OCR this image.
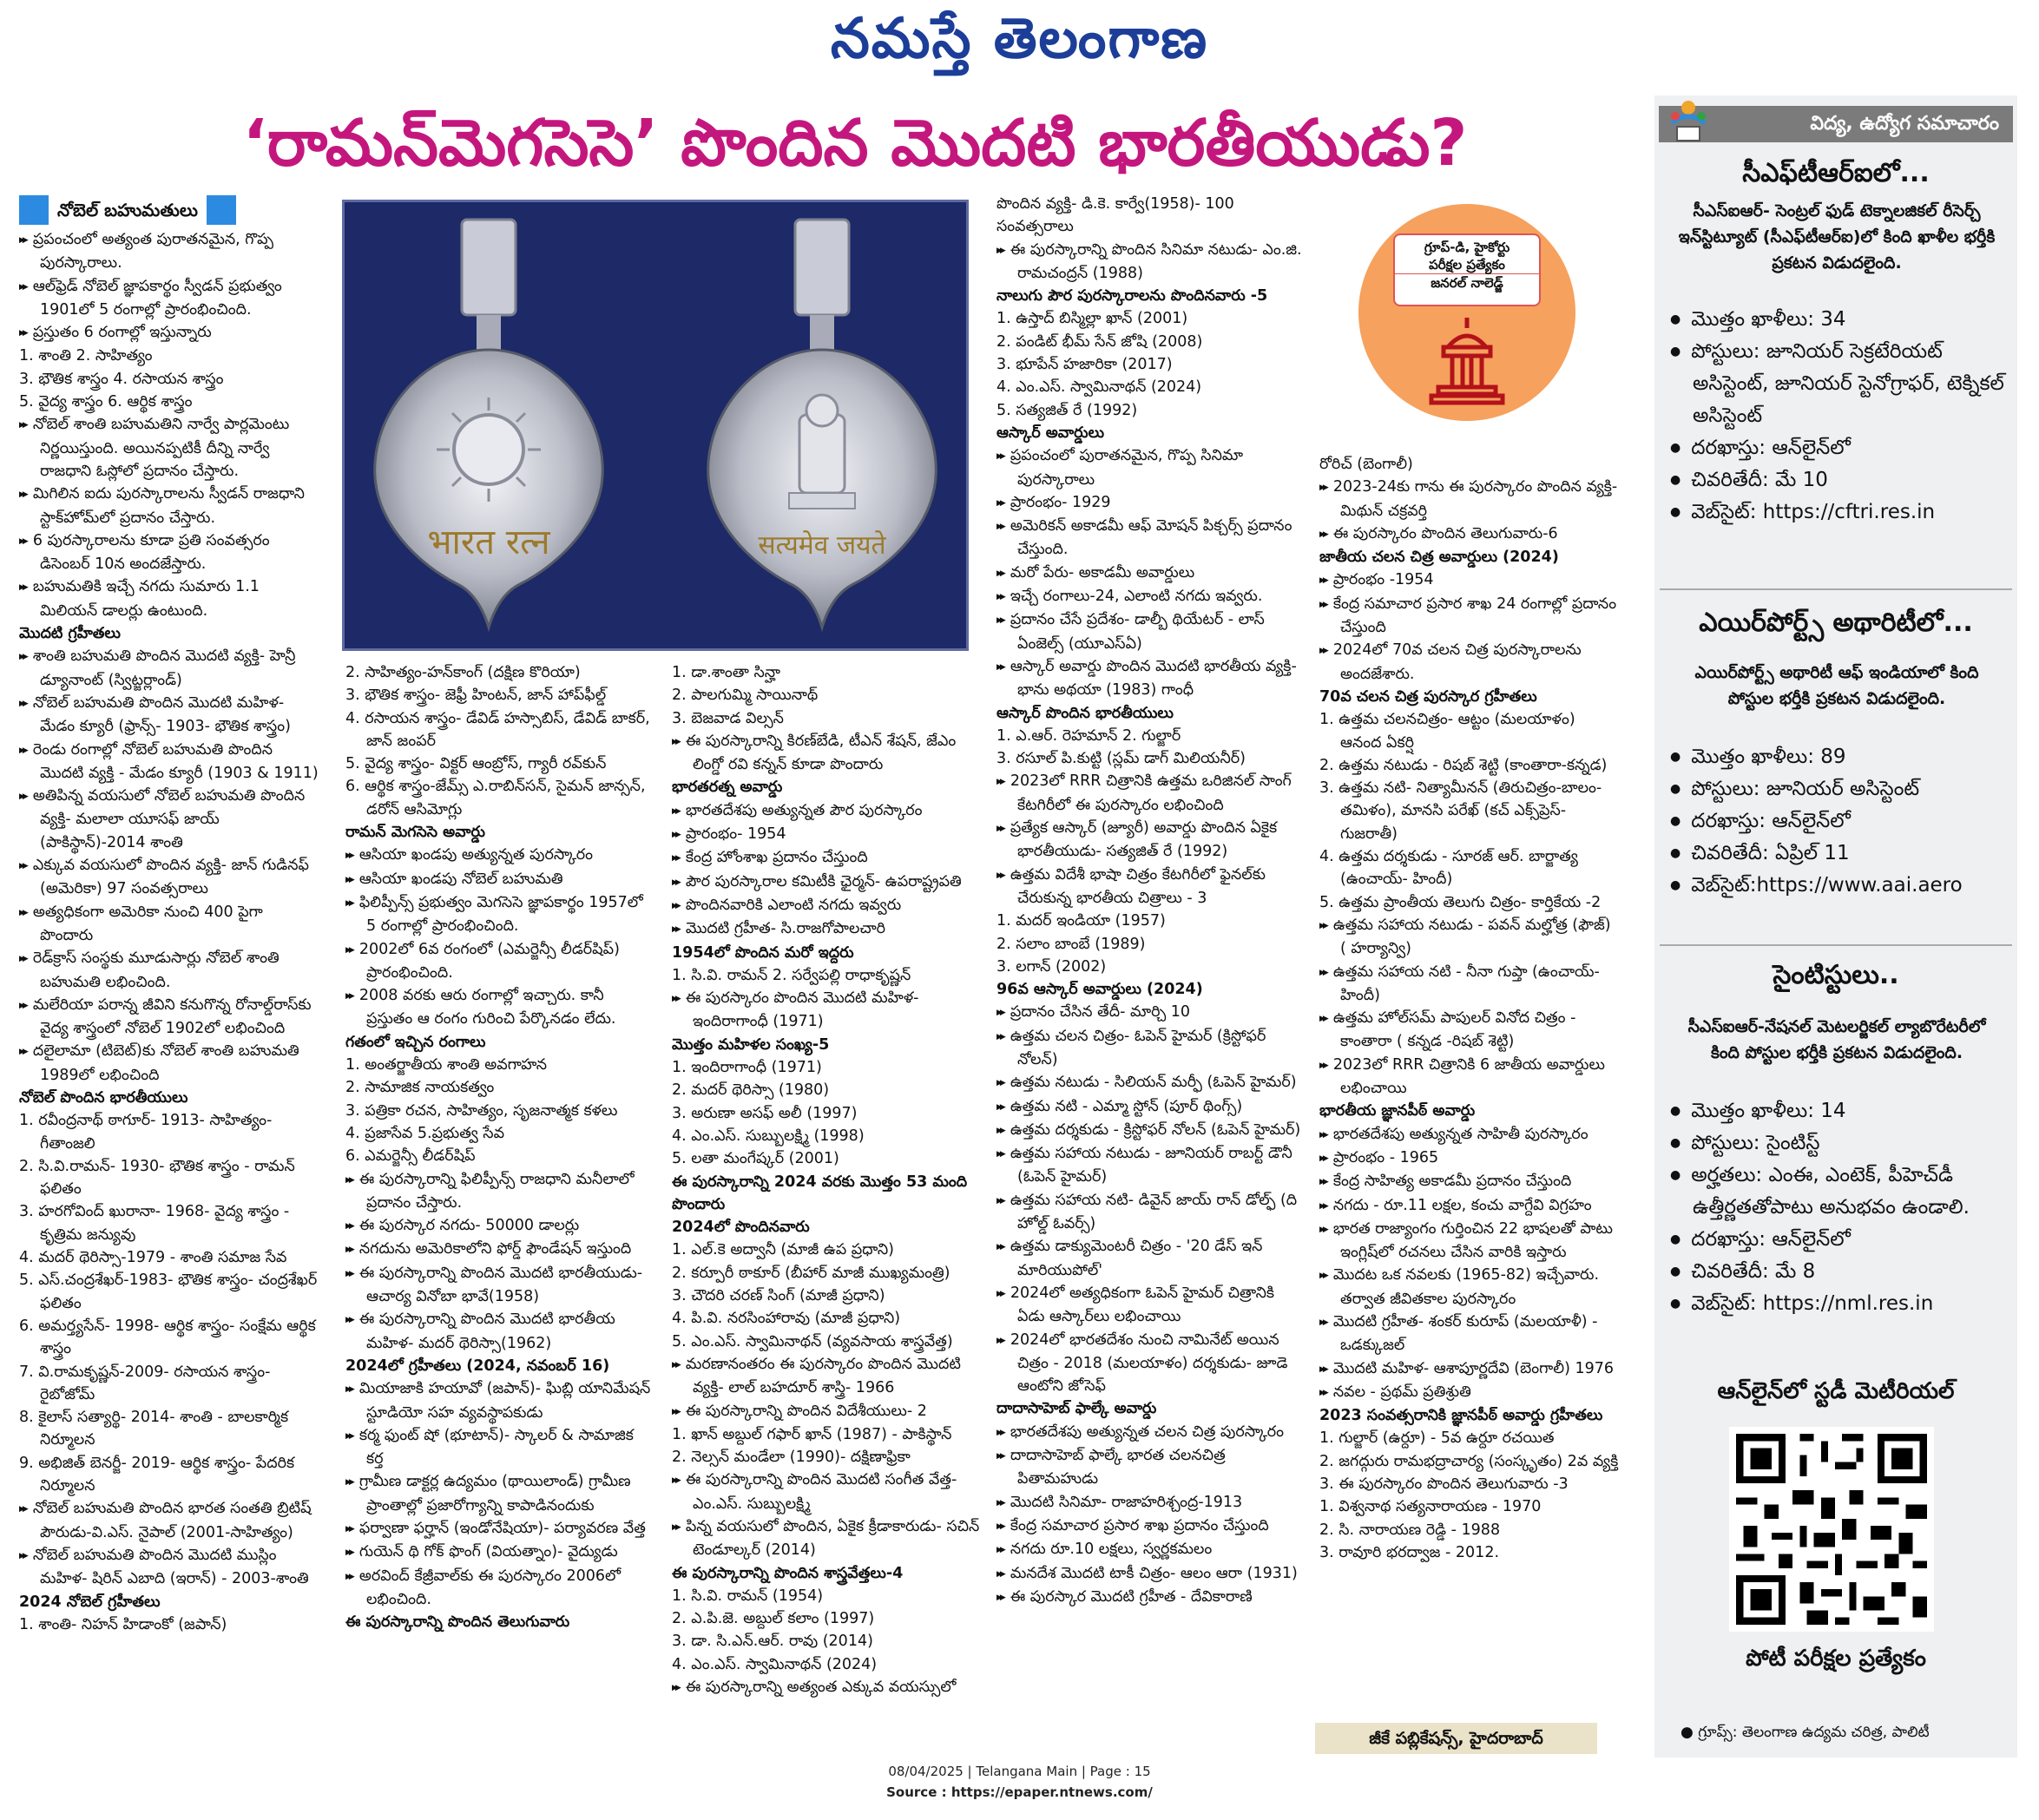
నమస్తే తెలంగాణ
‘రామన్‌మెగసెసె’ పొందిన మొదటి భారతీయుడు?
నోబెల్ బహుమతులు

▶▶ ప్రపంచంలో అత్యంత పురాతనమైన, గొప్ప పురస్కారాలు.

▶▶ ఆల్‌ఫ్రెడ్ నోబెల్ జ్ఞాపకార్థం స్వీడన్ ప్రభుత్వం 1901లో 5 రంగాల్లో ప్రారంభించింది.

▶▶ ప్రస్తుతం 6 రంగాల్లో ఇస్తున్నారు

1. శాంతి 2. సాహిత్యం

3. భౌతిక శాస్త్రం 4. రసాయన శాస్త్రం

5. వైద్య శాస్త్రం 6. ఆర్థిక శాస్త్రం

▶▶ నోబెల్ శాంతి బహుమతిని నార్వే పార్లమెంటు నిర్ణయిస్తుంది. అయినప్పటికీ దీన్ని నార్వే రాజధాని ఓస్లోలో ప్రదానం చేస్తారు.

▶▶ మిగిలిన ఐదు పురస్కారాలను స్వీడన్ రాజధాని స్టాక్‌హోమ్‌లో ప్రదానం చేస్తారు.

▶▶ 6 పురస్కారాలను కూడా ప్రతి సంవత్సరం డిసెంబర్ 10న అందజేస్తారు.

▶▶ బహుమతికి ఇచ్చే నగదు సుమారు 1.1 మిలియన్ డాలర్లు ఉంటుంది.

మొదటి గ్రహీతలు

▶▶ శాంతి బహుమతి పొందిన మొదటి వ్యక్తి- హెన్రీ డ్యూనాంట్ (స్విట్జర్లాండ్)

▶▶ నోబెల్ బహుమతి పొందిన మొదటి మహిళ- మేడం క్యూరీ (ఫ్రాన్స్- 1903- భౌతిక శాస్త్రం)

▶▶ రెండు రంగాల్లో నోబెల్ బహుమతి పొందిన మొదటి వ్యక్తి - మేడం క్యూరీ (1903 & 1911)

▶▶ అతిపిన్న వయసులో నోబెల్ బహుమతి పొందిన వ్యక్తి- మలాలా యూసఫ్ జాయ్ (పాకిస్థాన్)-2014 శాంతి

▶▶ ఎక్కువ వయసులో పొందిన వ్యక్తి- జాన్ గుడినఫ్ (అమెరికా) 97 సంవత్సరాలు

▶▶ అత్యధికంగా అమెరికా నుంచి 400 పైగా పొందారు

▶▶ రెడ్‌క్రాస్ సంస్థకు మూడుసార్లు నోబెల్ శాంతి బహుమతి లభించింది.

▶▶ మలేరియా పరాన్న జీవిని కనుగొన్న రోనాల్డ్‌రాస్‌కు వైద్య శాస్త్రంలో నోబెల్ 1902లో లభించింది

▶▶ దలైలామా (టిబెట్)కు నోబెల్ శాంతి బహుమతి 1989లో లభించింది

నోబెల్ పొందిన భారతీయులు

1. రవీంద్రనాథ్ ఠాగూర్- 1913- సాహిత్యం- గీతాంజలి

2. సి.వి.రామన్- 1930- భౌతిక శాస్త్రం - రామన్ ఫలితం

3. హరగోవింద్ ఖురానా- 1968- వైద్య శాస్త్రం - కృత్రిమ జన్యువు

4. మదర్ థెరిస్సా-1979 - శాంతి సమాజ సేవ

5. ఎస్.చంద్రశేఖర్-1983- భౌతిక శాస్త్రం- చంద్రశేఖర్ ఫలితం

6. అమర్త్యసేన్- 1998- ఆర్థిక శాస్త్రం- సంక్షేమ ఆర్థిక శాస్త్రం

7. వి.రామకృష్ణన్-2009- రసాయన శాస్త్రం- రైబోజోమ్

8. కైలాస్ సత్యార్థి- 2014- శాంతి - బాలకార్మిక నిర్మూలన

9. అభిజిత్ బెనర్జీ- 2019- ఆర్థిక శాస్త్రం- పేదరిక నిర్మూలన

▶▶ నోబెల్ బహుమతి పొందిన భారత సంతతి బ్రిటిష్ పౌరుడు-వి.ఎస్. నైపాల్ (2001-సాహిత్యం)

▶▶ నోబెల్ బహుమతి పొందిన మొదటి ముస్లిం మహిళ- షిరిన్ ఎబాది (ఇరాన్) - 2003-శాంతి

2024 నోబెల్ గ్రహీతలు

1. శాంతి- నిహన్ హిడాంకో (జపాన్)

भारत रत्न	सत्यमेव जयते

2. సాహిత్యం-హన్‌కాంగ్ (దక్షిణ కొరియా)

3. భౌతిక శాస్త్రం- జెఫ్రీ హింటన్, జాన్ హాప్‌ఫీల్డ్

4. రసాయన శాస్త్రం- డేవిడ్ హస్సాబిస్, డేవిడ్ బాకర్, జాన్ జంపర్

5. వైద్య శాస్త్రం- విక్టర్ ఆంబ్రోస్, గ్యారీ రవ్‌కున్

6. ఆర్థిక శాస్త్రం-జేమ్స్ ఎ.రాబిన్‌సన్, సైమన్ జాన్సన్, డరోన్ ఆసిమోగ్లు

రామన్ మెగసెసె అవార్డు

▶▶ ఆసియా ఖండపు అత్యున్నత పురస్కారం

▶▶ ఆసియా ఖండపు నోబెల్ బహుమతి

▶▶ ఫిలిప్పీన్స్ ప్రభుత్వం మెగసెసె జ్ఞాపకార్థం 1957లో 5 రంగాల్లో ప్రారంభించింది.

▶▶ 2002లో 6వ రంగంలో (ఎమర్జెన్సీ లీడర్‌షిప్) ప్రారంభించింది.

▶▶ 2008 వరకు ఆరు రంగాల్లో ఇచ్చారు. కానీ ప్రస్తుతం ఆ రంగం గురించి పేర్కొనడం లేదు.

గతంలో ఇచ్చిన రంగాలు

1. అంతర్జాతీయ శాంతి అవగాహన

2. సామాజిక నాయకత్వం

3. పత్రికా రచన, సాహిత్యం, సృజనాత్మక కళలు

4. ప్రజాసేవ 5.ప్రభుత్వ సేవ

6. ఎమర్జెన్సీ లీడర్‌షిప్

▶▶ ఈ పురస్కారాన్ని ఫిలిప్పీన్స్ రాజధాని మనీలాలో ప్రదానం చేస్తారు.

▶▶ ఈ పురస్కార నగదు- 50000 డాలర్లు

▶▶ నగదును అమెరికాలోని ఫోర్డ్ ఫౌండేషన్ ఇస్తుంది

▶▶ ఈ పురస్కారాన్ని పొందిన మొదటి భారతీయుడు- ఆచార్య వినోబా భావే(1958)

▶▶ ఈ పురస్కారాన్ని పొందిన మొదటి భారతీయ మహిళ- మదర్ థెరిస్సా(1962)

2024లో గ్రహీతలు (2024, నవంబర్ 16)

▶▶ మియాజాకి హయావో (జపాన్)- ఘిబ్లి యానిమేషన్ స్టూడియో సహ వ్యవస్థాపకుడు

▶▶ కర్మ ఫుంట్ షో (భూటాన్)- స్కాలర్ & సామాజిక కర్త

▶▶ గ్రామీణ డాక్టర్ల ఉద్యమం (థాయిలాండ్) గ్రామీణ ప్రాంతాల్లో ప్రజారోగ్యాన్ని కాపాడినందుకు

▶▶ ఫర్వాణా ఫర్హాన్ (ఇండోనేషియా)- పర్యావరణ వేత్త

▶▶ గుయెన్ థి గోక్ ఫొంగ్ (వియత్నాం)- వైద్యుడు

▶▶ అరవింద్ కేజ్రీవాల్‌కు ఈ పురస్కారం 2006లో లభించింది.

ఈ పురస్కారాన్ని పొందిన తెలుగువారు

1. డా.శాంతా సిన్హా

2. పాలగుమ్మి సాయినాథ్

3. బెజవాడ విల్సన్

▶▶ ఈ పురస్కారాన్ని కిరణ్‌బేడి, టీఎన్ శేషన్, జేఎం లింగ్డో రవి కన్నన్ కూడా పొందారు

భారతరత్న అవార్డు

▶▶ భారతదేశపు అత్యున్నత పౌర పురస్కారం

▶▶ ప్రారంభం- 1954

▶▶ కేంద్ర హోంశాఖ ప్రదానం చేస్తుంది

▶▶ పౌర పురస్కారాల కమిటీకి ఛైర్మన్- ఉపరాష్ట్రపతి

▶▶ పొందినవారికి ఎలాంటి నగదు ఇవ్వరు

▶▶ మొదటి గ్రహీత- సి.రాజగోపాలచారి

1954లో పొందిన మరో ఇద్దరు

1. సి.వి. రామన్ 2. సర్వేపల్లి రాధాకృష్ణన్

▶▶ ఈ పురస్కారం పొందిన మొదటి మహిళ- ఇందిరాగాంధీ (1971)

మొత్తం మహిళల సంఖ్య-5

1. ఇందిరాగాంధీ (1971)

2. మదర్ థెరిస్సా (1980)

3. అరుణా అసఫ్ అలీ (1997)

4. ఎం.ఎస్. సుబ్బులక్ష్మి (1998)

5. లతా మంగేష్కర్ (2001)

ఈ పురస్కారాన్ని 2024 వరకు మొత్తం 53 మంది పొందారు

2024లో పొందినవారు

1. ఎల్.కె అద్వానీ (మాజీ ఉప ప్రధాని)

2. కర్పూరీ ఠాకూర్ (బీహార్ మాజీ ముఖ్యమంత్రి)

3. చౌదరి చరణ్ సింగ్ (మాజీ ప్రధాని)

4. పి.వి. నరసింహారావు (మాజీ ప్రధాని)

5. ఎం.ఎస్. స్వామినాథన్ (వ్యవసాయ శాస్త్రవేత్త)

▶▶ మరణానంతరం ఈ పురస్కారం పొందిన మొదటి వ్యక్తి- లాల్ బహదూర్ శాస్త్రి- 1966

▶▶ ఈ పురస్కారాన్ని పొందిన విదేశీయులు- 2

1. ఖాన్ అబ్దుల్ గఫార్ ఖాన్ (1987) - పాకిస్థాన్

2. నెల్సన్ మండేలా (1990)- దక్షిణాఫ్రికా

▶▶ ఈ పురస్కారాన్ని పొందిన మొదటి సంగీత వేత్త- ఎం.ఎస్. సుబ్బులక్ష్మి

▶▶ పిన్న వయసులో పొందిన, ఏకైక క్రీడాకారుడు- సచిన్ టెండూల్కర్ (2014)

ఈ పురస్కారాన్ని పొందిన శాస్త్రవేత్తలు-4

1. సి.వి. రామన్ (1954)

2. ఎ.పి.జె. అబ్దుల్ కలాం (1997)

3. డా. సి.ఎన్.ఆర్. రావు (2014)

4. ఎం.ఎస్. స్వామినాథన్ (2024)

▶▶ ఈ పురస్కారాన్ని అత్యంత ఎక్కువ వయస్సులో

పొందిన వ్యక్తి- డి.కె. కార్వే(1958)- 100 సంవత్సరాలు

▶▶ ఈ పురస్కారాన్ని పొందిన సినిమా నటుడు- ఎం.జి. రామచంద్రన్ (1988)

నాలుగు పౌర పురస్కారాలను పొందినవారు -5

1. ఉస్తాద్ బిస్మిల్లా ఖాన్ (2001)

2. పండిట్ భీమ్ సేన్ జోషి (2008)

3. భూపేన్ హజారికా (2017)

4. ఎం.ఎస్. స్వామినాథన్ (2024)

5. సత్యజిత్ రే (1992)

ఆస్కార్ అవార్డులు

▶▶ ప్రపంచంలో పురాతనమైన, గొప్ప సినిమా పురస్కారాలు

▶▶ ప్రారంభం- 1929

▶▶ అమెరికన్ అకాడమీ ఆఫ్ మోషన్ పిక్చర్స్ ప్రదానం చేస్తుంది.

▶▶ మరో పేరు- అకాడమీ అవార్డులు

▶▶ ఇచ్చే రంగాలు-24, ఎలాంటి నగదు ఇవ్వరు.

▶▶ ప్రదానం చేసే ప్రదేశం- డాల్బీ థియేటర్ - లాస్ ఏంజెల్స్ (యూఎస్ఏ)

▶▶ ఆస్కార్ అవార్డు పొందిన మొదటి భారతీయ వ్యక్తి- భాను అథయా (1983) గాంధీ

ఆస్కార్ పొందిన భారతీయులు

1. ఎ.ఆర్. రెహమాన్ 2. గుల్జార్

3. రసూల్ పి.కుట్టి (స్లమ్ డాగ్ మిలియనీర్)

▶▶ 2023లో RRR చిత్రానికి ఉత్తమ ఒరిజినల్ సాంగ్ కేటగిరీలో ఈ పురస్కారం లభించింది

▶▶ ప్రత్యేక ఆస్కార్ (జ్యూరీ) అవార్డు పొందిన ఏకైక భారతీయుడు- సత్యజిత్ రే (1992)

▶▶ ఉత్తమ విదేశీ భాషా చిత్రం కేటగిరీలో ఫైనల్‌కు చేరుకున్న భారతీయ చిత్రాలు - 3

1. మదర్ ఇండియా (1957)

2. సలాం బాంబే (1989)

3. లగాన్ (2002)

96వ ఆస్కార్ అవార్డులు (2024)

▶▶ ప్రదానం చేసిన తేదీ- మార్చి 10

▶▶ ఉత్తమ చలన చిత్రం- ఓపెన్ హైమర్ (క్రిస్టోఫర్ నోలన్)

▶▶ ఉత్తమ నటుడు - సిలియన్ మర్ఫీ (ఓపెన్ హైమర్)

▶▶ ఉత్తమ నటి - ఎమ్మా స్టోన్ (పూర్ థింగ్స్)

▶▶ ఉత్తమ దర్శకుడు - క్రిస్టోఫర్ నోలన్ (ఓపెన్ హైమర్)

▶▶ ఉత్తమ సహాయ నటుడు - జూనియర్ రాబర్ట్ డౌనీ (ఓపెన్ హైమర్)

▶▶ ఉత్తమ సహాయ నటి- డివైన్ జాయ్ రాన్ డోల్ఫ్ (ది హోల్డ్ ఓవర్స్)

▶▶ ఉత్తమ డాక్యుమెంటరీ చిత్రం - '20 డేస్ ఇన్ మారియుపోల్'

▶▶ 2024లో అత్యధికంగా ఓపెన్ హైమర్ చిత్రానికి ఏడు ఆస్కార్‌లు లభించాయి

▶▶ 2024లో భారతదేశం నుంచి నామినేట్ అయిన చిత్రం - 2018 (మలయాళం) దర్శకుడు- జూడె ఆంటోని జోసెఫ్

దాదాసాహెబ్ ఫాల్కే అవార్డు

▶▶ భారతదేశపు అత్యున్నత చలన చిత్ర పురస్కారం

▶▶ దాదాసాహెబ్ ఫాల్కే భారత చలనచిత్ర పితామహుడు

▶▶ మొదటి సినిమా- రాజాహరిశ్చంద్ర-1913

▶▶ కేంద్ర సమాచార ప్రసార శాఖ ప్రదానం చేస్తుంది

▶▶ నగదు రూ.10 లక్షలు, స్వర్ణకమలం

▶▶ మనదేశ మొదటి టాకీ చిత్రం- ఆలం ఆరా (1931)

▶▶ ఈ పురస్కార మొదటి గ్రహీత - దేవికారాణి

గ్రూప్-డి, హైకోర్టు
పరీక్షల ప్రత్యేకం
జనరల్ నాలెడ్జ్

రోరిచ్ (బెంగాలీ)

▶▶ 2023-24కు గాను ఈ పురస్కారం పొందిన వ్యక్తి- మిథున్ చక్రవర్తి

▶▶ ఈ పురస్కారం పొందిన తెలుగువారు-6

జాతీయ చలన చిత్ర అవార్డులు (2024)

▶▶ ప్రారంభం -1954

▶▶ కేంద్ర సమాచార ప్రసార శాఖ 24 రంగాల్లో ప్రదానం చేస్తుంది

▶▶ 2024లో 70వ చలన చిత్ర పురస్కారాలను అందజేశారు.

70వ చలన చిత్ర పురస్కార గ్రహీతలు

1. ఉత్తమ చలనచిత్రం- ఆట్టం (మలయాళం) ఆనంద ఏకర్షి

2. ఉత్తమ నటుడు - రిషబ్ శెట్టి (కాంతారా-కన్నడ)

3. ఉత్తమ నటి- నిత్యామీనన్ (తిరుచిత్రం-బాలం- తమిళం), మానసి పరేఖ్ (కచ్ ఎక్స్‌ప్రెస్- గుజరాతీ)

4. ఉత్తమ దర్శకుడు - సూరజ్ ఆర్. బార్జాత్య (ఉంచాయ్- హిందీ)

5. ఉత్తమ ప్రాంతీయ తెలుగు చిత్రం- కార్తికేయ -2

▶▶ ఉత్తమ సహాయ నటుడు - పవన్ మల్హోత్ర (ఫౌజ్) ( హర్యాన్వి)

▶▶ ఉత్తమ సహాయ నటి - నీనా గుప్తా (ఉంచాయ్-హిందీ)

▶▶ ఉత్తమ హోల్‌సమ్ పాపులర్ వినోద చిత్రం - కాంతారా ( కన్నడ -రిషబ్ శెట్టి)

▶▶ 2023లో RRR చిత్రానికి 6 జాతీయ అవార్డులు లభించాయి

భారతీయ జ్ఞానపీఠ్ అవార్డు

▶▶ భారతదేశపు అత్యున్నత సాహితీ పురస్కారం

▶▶ ప్రారంభం - 1965

▶▶ కేంద్ర సాహిత్య అకాడమీ ప్రదానం చేస్తుంది

▶▶ నగదు - రూ.11 లక్షల, కంచు వాగ్దేవి విగ్రహం

▶▶ భారత రాజ్యాంగం గుర్తించిన 22 భాషలతో పాటు ఇంగ్లిష్‌లో రచనలు చేసిన వారికి ఇస్తారు

▶▶ మొదట ఒక నవలకు (1965-82) ఇచ్చేవారు. తర్వాత జీవితకాల పురస్కారం

▶▶ మొదటి గ్రహీత- శంకర్ కురూప్ (మలయాళీ) - ఒడక్కుజల్

▶▶ మొదటి మహిళ- ఆశాపూర్ణదేవి (బెంగాలీ) 1976

▶▶ నవల - ప్రథమ్ ప్రతిశ్రుతి

2023 సంవత్సరానికి జ్ఞానపీఠ్ అవార్డు గ్రహీతలు

1. గుల్జార్ (ఉర్దూ) - 5వ ఉర్దూ రచయిత

2. జగద్గురు రామభద్రాచార్య (సంస్కృతం) 2వ వ్యక్తి

3. ఈ పురస్కారం పొందిన తెలుగువారు -3

1. విశ్వనాథ సత్యనారాయణ - 1970

2. సి. నారాయణ రెడ్డి - 1988

3. రావూరి భరద్వాజ - 2012.

జీకే పబ్లికేషన్స్, హైదరాబాద్
విద్య, ఉద్యోగ సమాచారం
సీఎఫ్‌టీఆర్ఐలో...
సీఎస్ఐఆర్- సెంట్రల్ ఫుడ్ టెక్నాలజికల్ రీసెర్చ్ ఇన్‌స్టిట్యూట్ (సీఎఫ్‌టీఆర్ఐ)లో కింది ఖాళీల భర్తీకి ప్రకటన విడుదలైంది.

● మొత్తం ఖాళీలు: 34

● పోస్టులు: జూనియర్ సెక్రటేరియట్ అసిస్టెంట్, జూనియర్ స్టెనోగ్రాఫర్, టెక్నికల్ అసిస్టెంట్

● దరఖాస్తు: ఆన్‌లైన్‌లో

● చివరితేదీ: మే 10

● వెబ్‌సైట్: https://cftri.res.in

ఎయిర్‌పోర్ట్స్ అథారిటీలో...
ఎయిర్‌పోర్ట్స్ అథారిటీ ఆఫ్ ఇండియాలో కింది పోస్టుల భర్తీకి ప్రకటన విడుదలైంది.

● మొత్తం ఖాళీలు: 89

● పోస్టులు: జూనియర్ అసిస్టెంట్

● దరఖాస్తు: ఆన్‌లైన్‌లో

● చివరితేదీ: ఏప్రిల్ 11

● వెబ్‌సైట్:https://www.aai.aero

సైంటిస్టులు..
సీఎస్ఐఆర్-నేషనల్ మెటలర్జికల్ ల్యాబొరేటరీలో కింది పోస్టుల భర్తీకి ప్రకటన విడుదలైంది.

● మొత్తం ఖాళీలు: 14

● పోస్టులు: సైంటిస్ట్

● అర్హతలు: ఎంఈ, ఎంటెక్, పీహెచ్‌డీ ఉత్తీర్ణతతోపాటు అనుభవం ఉండాలి.

● దరఖాస్తు: ఆన్‌లైన్‌లో

● చివరితేదీ: మే 8

● వెబ్‌సైట్: https://nml.res.in

ఆన్‌లైన్‌లో స్టడీ మెటీరియల్
పోటీ పరీక్షల ప్రత్యేకం
● గ్రూప్స్: తెలంగాణ ఉద్యమ చరిత్ర, పాలిటీ
08/04/2025 | Telangana Main | Page : 15
Source : https://epaper.ntnews.com/
